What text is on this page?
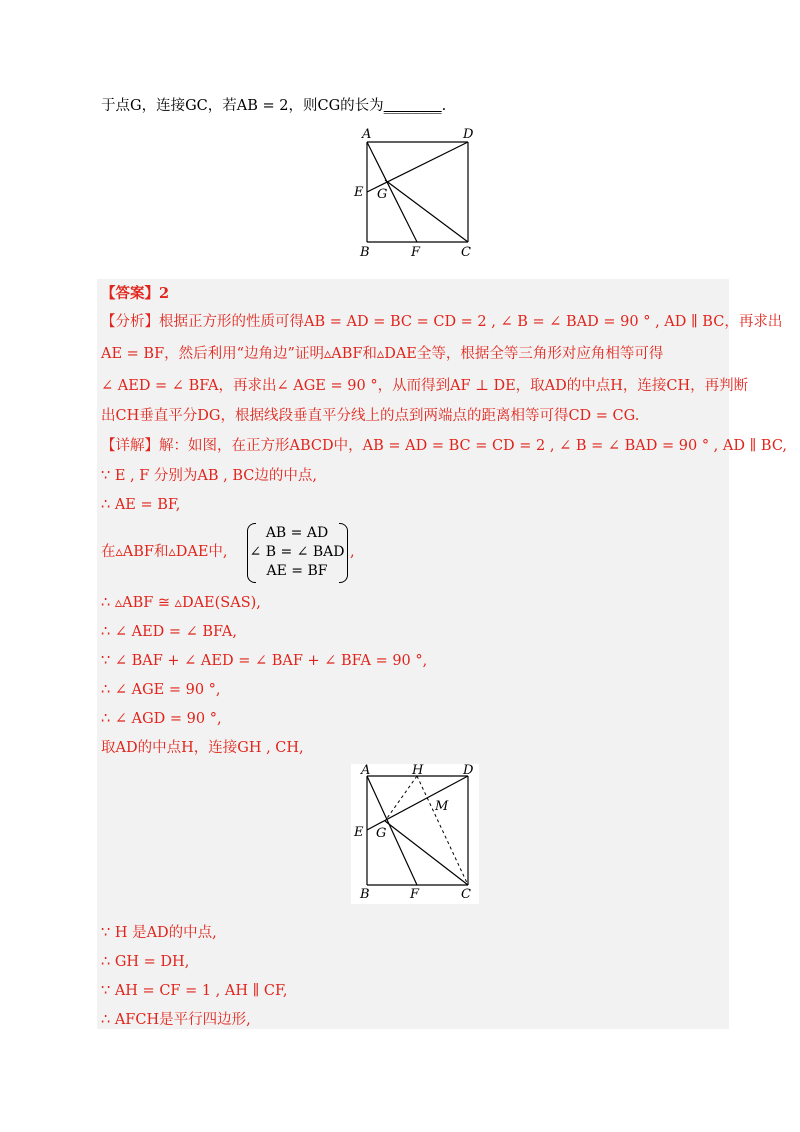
于点G，连接GC，若AB = 2，则CG的长为________.
A	D
E G
B	F	C
【答案】2
【分析】根据正方形的性质可得AB = AD = BC = CD = 2 , ∠ B = ∠ BAD = 90 ° , AD ∥ BC，再求出
AE = BF，然后利用“边角边”证明▵ABF和▵DAE全等，根据全等三角形对应角相等可得
∠ AED = ∠ BFA，再求出∠ AGE = 90 °，从而得到AF ⊥ DE，取AD的中点H，连接CH，再判断
出CH垂直平分DG，根据线段垂直平分线上的点到两端点的距离相等可得CD = CG.
【详解】解：如图，在正方形ABCD中，AB = AD = BC = CD = 2 , ∠ B = ∠ BAD = 90 ° , AD ∥ BC,
∵ E , F 分别为AB , BC边的中点,
∴ AE = BF,
在▵ABF和▵DAE中,
AB = AD
∠ B = ∠ BAD
AE = BF
,
∴ ▵ABF ≅ ▵DAE(SAS),
∴ ∠ AED = ∠ BFA,
∵ ∠ BAF + ∠ AED = ∠ BAF + ∠ BFA = 90 °,
∴ ∠ AGE = 90 °,
∴ ∠ AGD = 90 °,
取AD的中点H，连接GH , CH,
A	H	D
M
E G
B	F	C
∵ H 是AD的中点,
∴ GH = DH,
∵ AH = CF = 1 , AH ∥ CF,
∴ AFCH是平行四边形,
